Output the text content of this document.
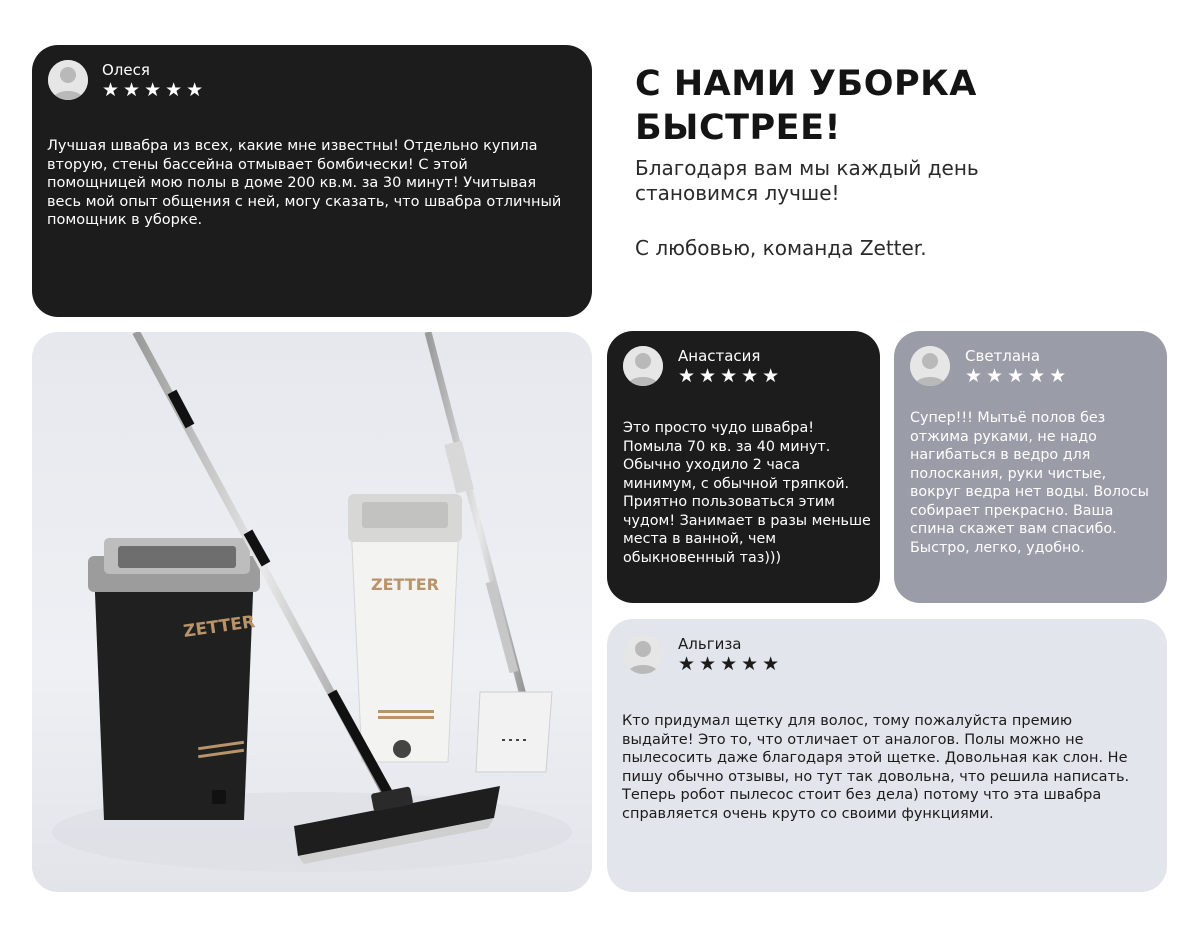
Олеся
★★★★★
Лучшая швабра из всех, какие мне известны! Отдельно купила вторую, стены бассейна отмывает бомбически! С этой помощницей мою полы в доме 200 кв.м. за 30 минут! Учитывая весь мой опыт общения с ней, могу сказать, что швабра отличный помощник в уборке.
С НАМИ УБОРКА
БЫСТРЕЕ!
Благодаря вам мы каждый день
становимся лучше!
С любовью, команда Zetter.
ZETTER
ZETTER
Анастасия
★★★★★
Это просто чудо швабра! Помыла 70 кв. за 40 минут. Обычно уходило 2 часа минимум, с обычной тряпкой. Приятно пользоваться этим чудом! Занимает в разы меньше места в ванной, чем обыкновенный таз)))
Светлана
★★★★★
Супер!!! Мытьё полов без отжима руками, не надо нагибаться в ведро для полоскания, руки чистые, вокруг ведра нет воды. Волосы собирает прекрасно. Ваша спина скажет вам спасибо. Быстро, легко, удобно.
Альгиза
★★★★★
Кто придумал щетку для волос, тому пожалуйста премию выдайте! Это то, что отличает от аналогов. Полы можно не пылесосить даже благодаря этой щетке. Довольная как слон. Не пишу обычно отзывы, но тут так довольна, что решила написать. Теперь робот пылесос стоит без дела) потому что эта швабра справляется очень круто со своими функциями.
